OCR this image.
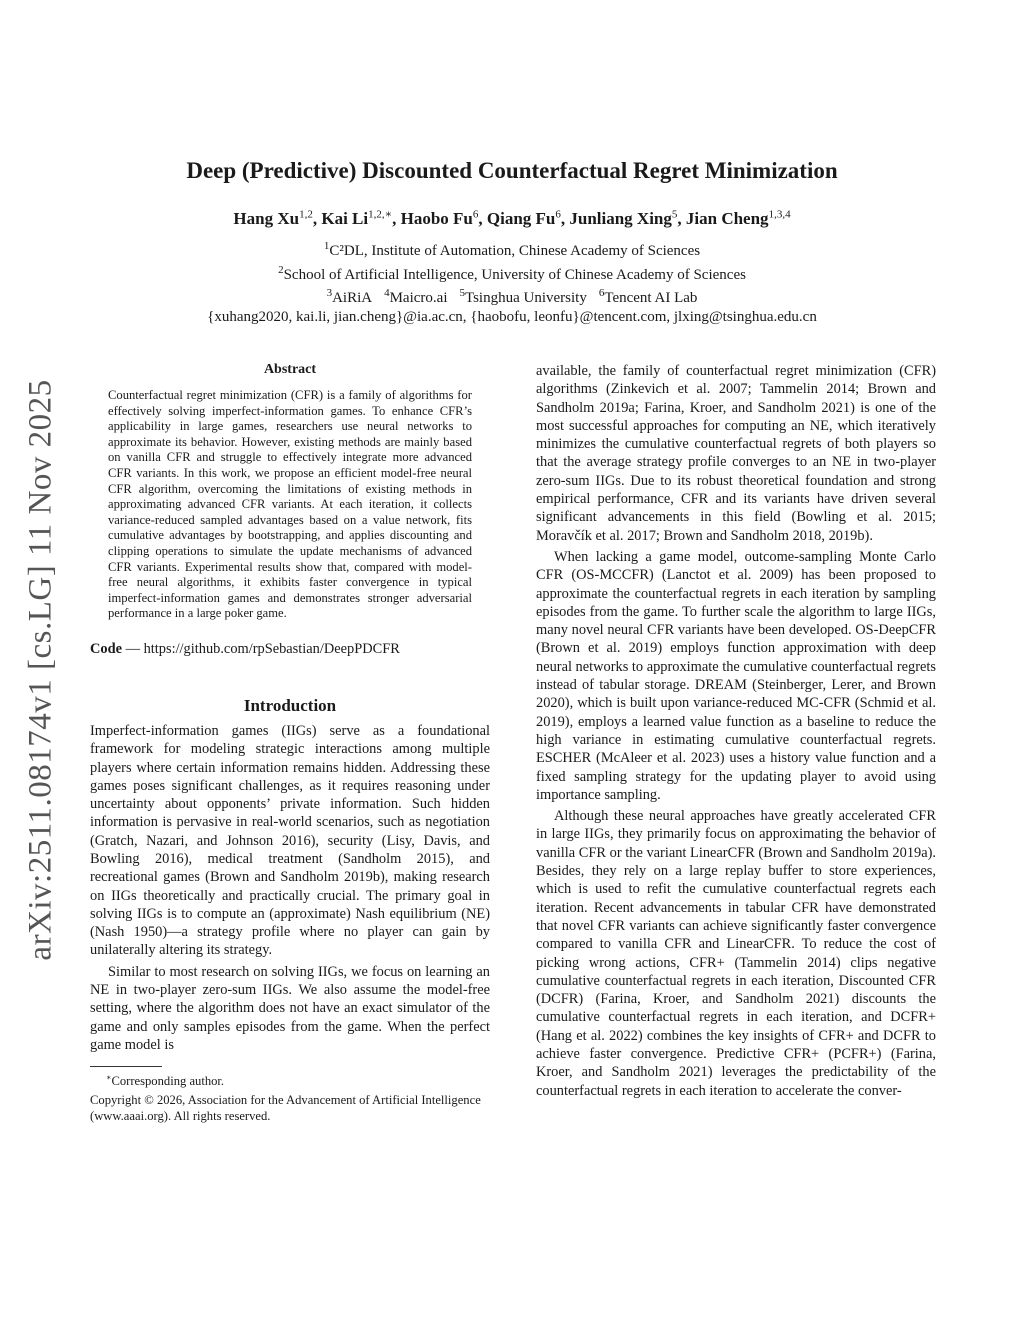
arXiv:2511.08174v1 [cs.LG] 11 Nov 2025
Deep (Predictive) Discounted Counterfactual Regret Minimization
Hang Xu$^{1,2}$, Kai $Li^{1,2,∗}$, Haobo Fu$^6$, Qiang Fu$^6$, Junliang Xing$^5$, Jian Cheng$^{1,3,4}$
$^1$C²DL, Institute of Automation, Chinese Academy of Sciences
$^2$School of Artificial Intelligence, University of Chinese Academy of Sciences
$^3$AiRiA $^4$Maicro.ai $^5$Tsinghua University $^6$Tencent AI Lab
{xuhang2020, kai.li, jian.cheng}@ia.ac.cn, {haobofu, leonfu}@tencent.com, jlxing@tsinghua.edu.cn
Abstract

Counterfactual regret minimization (CFR) is a family of algorithms for effectively solving imperfect-information games. To enhance CFR’s applicability in large games, researchers use neural networks to approximate its behavior. However, existing methods are mainly based on vanilla CFR and struggle to effectively integrate more advanced CFR variants. In this work, we propose an efficient model-free neural CFR algorithm, overcoming the limitations of existing methods in approximating advanced CFR variants. At each iteration, it collects variance-reduced sampled advantages based on a value network, fits cumulative advantages by bootstrapping, and applies discounting and clipping operations to simulate the update mechanisms of advanced CFR variants. Experimental results show that, compared with model-free neural algorithms, it exhibits faster convergence in typical imperfect-information games and demonstrates stronger adversarial performance in a large poker game.

Code — https://github.com/rpSebastian/DeepPDCFR
Introduction

Imperfect-information games (IIGs) serve as a foundational framework for modeling strategic interactions among multiple players where certain information remains hidden. Addressing these games poses significant challenges, as it requires reasoning under uncertainty about opponents’ private information. Such hidden information is pervasive in real-world scenarios, such as negotiation (Gratch, Nazari, and Johnson 2016), security (Lisy, Davis, and Bowling 2016), medical treatment (Sandholm 2015), and recreational games (Brown and Sandholm 2019b), making research on IIGs theoretically and practically crucial. The primary goal in solving IIGs is to compute an (approximate) Nash equilibrium (NE) (Nash 1950)—a strategy profile where no player can gain by unilaterally altering its strategy.

Similar to most research on solving IIGs, we focus on learning an NE in two-player zero-sum IIGs. We also assume the model-free setting, where the algorithm does not have an exact simulator of the game and only samples episodes from the game. When the perfect game model is

∗Corresponding author.

Copyright © 2026, Association for the Advancement of Artificial Intelligence (www.aaai.org). All rights reserved.

available, the family of counterfactual regret minimization (CFR) algorithms (Zinkevich et al. 2007; Tammelin 2014; Brown and Sandholm 2019a; Farina, Kroer, and Sandholm 2021) is one of the most successful approaches for computing an NE, which iteratively minimizes the cumulative counterfactual regrets of both players so that the average strategy profile converges to an NE in two-player zero-sum IIGs. Due to its robust theoretical foundation and strong empirical performance, CFR and its variants have driven several significant advancements in this field (Bowling et al. 2015; Moravčík et al. 2017; Brown and Sandholm 2018, 2019b).

When lacking a game model, outcome-sampling Monte Carlo CFR (OS-MCCFR) (Lanctot et al. 2009) has been proposed to approximate the counterfactual regrets in each iteration by sampling episodes from the game. To further scale the algorithm to large IIGs, many novel neural CFR variants have been developed. OS-DeepCFR (Brown et al. 2019) employs function approximation with deep neural networks to approximate the cumulative counterfactual regrets instead of tabular storage. DREAM (Steinberger, Lerer, and Brown 2020), which is built upon variance-reduced MC-CFR (Schmid et al. 2019), employs a learned value function as a baseline to reduce the high variance in estimating cumulative counterfactual regrets. ESCHER (McAleer et al. 2023) uses a history value function and a fixed sampling strategy for the updating player to avoid using importance sampling.

Although these neural approaches have greatly accelerated CFR in large IIGs, they primarily focus on approximating the behavior of vanilla CFR or the variant LinearCFR (Brown and Sandholm 2019a). Besides, they rely on a large replay buffer to store experiences, which is used to refit the cumulative counterfactual regrets each iteration. Recent advancements in tabular CFR have demonstrated that novel CFR variants can achieve significantly faster convergence compared to vanilla CFR and LinearCFR. To reduce the cost of picking wrong actions, CFR+ (Tammelin 2014) clips negative cumulative counterfactual regrets in each iteration, Discounted CFR (DCFR) (Farina, Kroer, and Sandholm 2021) discounts the cumulative counterfactual regrets in each iteration, and DCFR+ (Hang et al. 2022) combines the key insights of CFR+ and DCFR to achieve faster convergence. Predictive CFR+ (PCFR+) (Farina, Kroer, and Sandholm 2021) leverages the predictability of the counterfactual regrets in each iteration to accelerate the conver-
